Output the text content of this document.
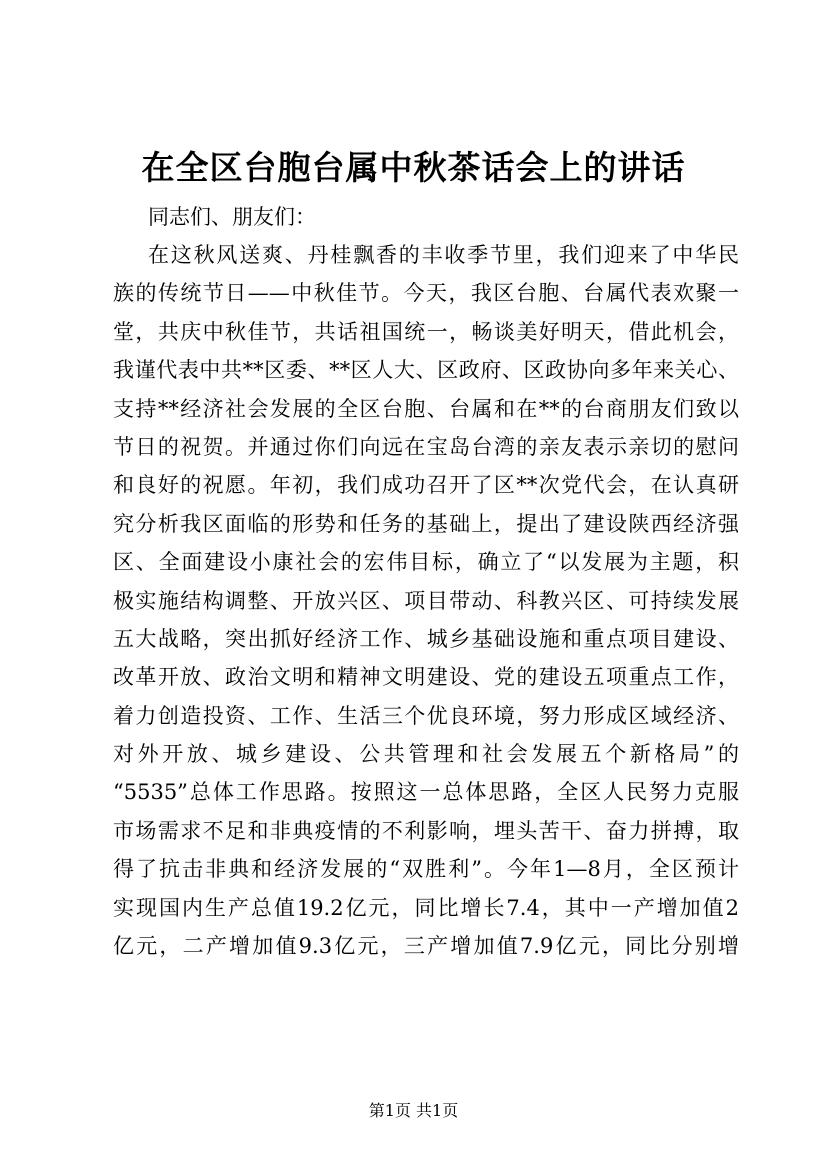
在全区台胞台属中秋茶话会上的讲话
同志们、朋友们：
在这秋风送爽、丹桂飘香的丰收季节里，我们迎来了中华民
族的传统节日——中秋佳节。今天，我区台胞、台属代表欢聚一
堂，共庆中秋佳节，共话祖国统一，畅谈美好明天，借此机会，
我谨代表中共**区委、**区人大、区政府、区政协向多年来关心、
支持**经济社会发展的全区台胞、台属和在**的台商朋友们致以
节日的祝贺。并通过你们向远在宝岛台湾的亲友表示亲切的慰问
和良好的祝愿。年初，我们成功召开了区**次党代会，在认真研
究分析我区面临的形势和任务的基础上，提出了建设陕西经济强
区、全面建设小康社会的宏伟目标，确立了“以发展为主题，积
极实施结构调整、开放兴区、项目带动、科教兴区、可持续发展
五大战略，突出抓好经济工作、城乡基础设施和重点项目建设、
改革开放、政治文明和精神文明建设、党的建设五项重点工作，
着力创造投资、工作、生活三个优良环境，努力形成区域经济、
对外开放、城乡建设、公共管理和社会发展五个新格局”的
“5535”总体工作思路。按照这一总体思路，全区人民努力克服
市场需求不足和非典疫情的不利影响，埋头苦干、奋力拼搏，取
得了抗击非典和经济发展的“双胜利”。今年1—8月，全区预计
实现国内生产总值19.2亿元，同比增长7.4，其中一产增加值2
亿元，二产增加值9.3亿元，三产增加值7.9亿元，同比分别增
第1页 共1页
